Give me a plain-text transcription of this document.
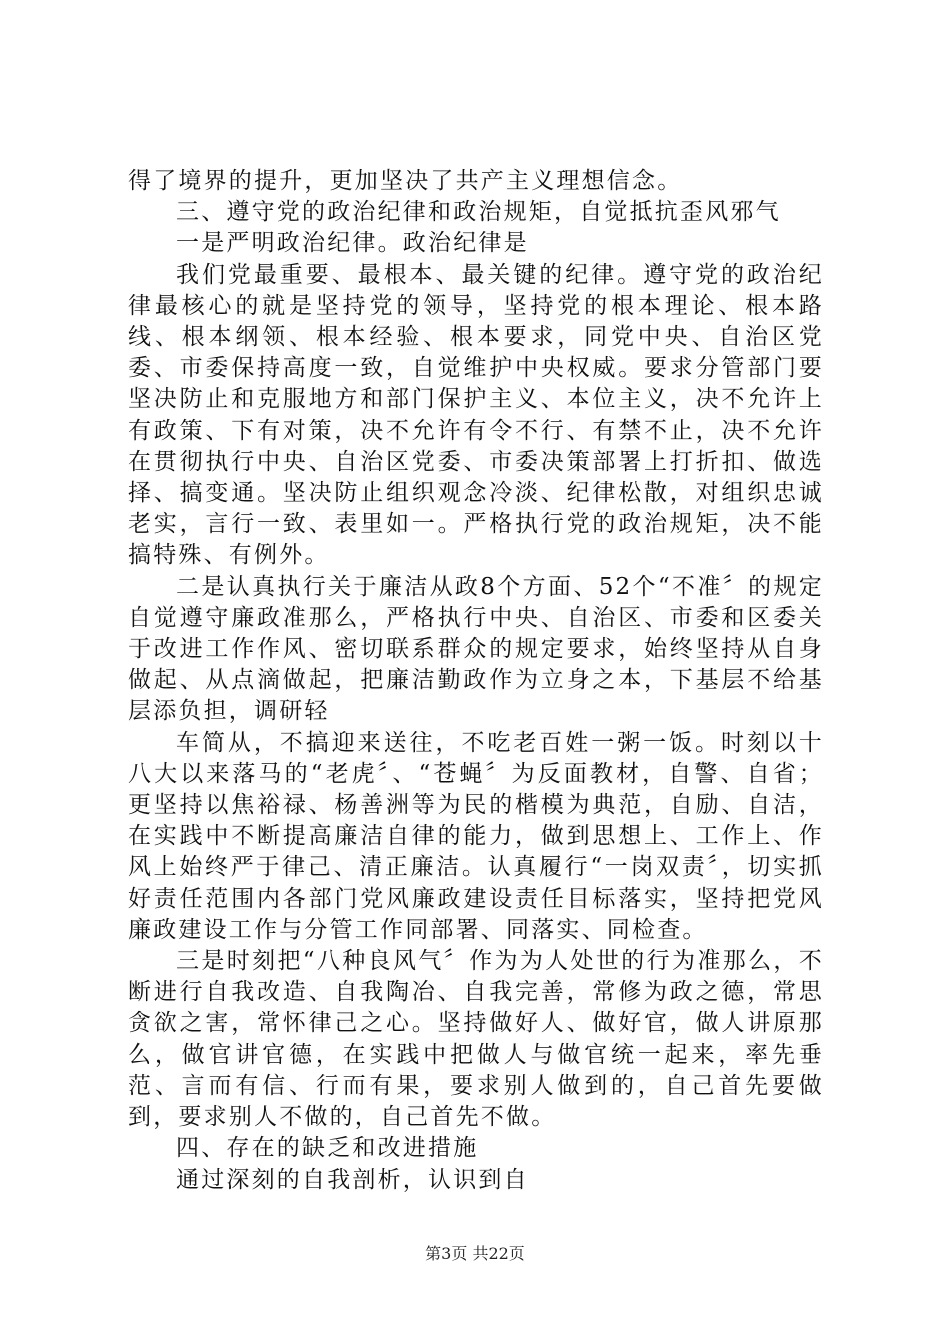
得了境界的提升，更加坚决了共产主义理想信念。

三、遵守党的政治纪律和政治规矩，自觉抵抗歪风邪气

一是严明政治纪律。政治纪律是

我们党最重要、最根本、最关键的纪律。遵守党的政治纪律最核心的就是坚持党的领导，坚持党的根本理论、根本路线、根本纲领、根本经验、根本要求，同党中央、自治区党委、市委保持高度一致，自觉维护中央权威。要求分管部门要坚决防止和克服地方和部门保护主义、本位主义，决不允许上有政策、下有对策，决不允许有令不行、有禁不止，决不允许在贯彻执行中央、自治区党委、市委决策部署上打折扣、做选择、搞变通。坚决防止组织观念冷淡、纪律松散，对组织忠诚老实，言行一致、表里如一。严格执行党的政治规矩，决不能搞特殊、有例外。

二是认真执行关于廉洁从政8个方面、52个“不准〞的规定自觉遵守廉政准那么，严格执行中央、自治区、市委和区委关于改进工作作风、密切联系群众的规定要求，始终坚持从自身做起、从点滴做起，把廉洁勤政作为立身之本，下基层不给基层添负担，调研轻

车简从，不搞迎来送往，不吃老百姓一粥一饭。时刻以十八大以来落马的“老虎〞、“苍蝇〞为反面教材，自警、自省；更坚持以焦裕禄、杨善洲等为民的楷模为典范，自励、自洁，在实践中不断提高廉洁自律的能力，做到思想上、工作上、作风上始终严于律己、清正廉洁。认真履行“一岗双责〞，切实抓好责任范围内各部门党风廉政建设责任目标落实，坚持把党风廉政建设工作与分管工作同部署、同落实、同检查。

三是时刻把“八种良风气〞作为为人处世的行为准那么，不断进行自我改造、自我陶冶、自我完善，常修为政之德，常思贪欲之害，常怀律己之心。坚持做好人、做好官，做人讲原那么，做官讲官德，在实践中把做人与做官统一起来，率先垂范、言而有信、行而有果，要求别人做到的，自己首先要做到，要求别人不做的，自己首先不做。

四、存在的缺乏和改进措施

通过深刻的自我剖析，认识到自

第3页 共22页
